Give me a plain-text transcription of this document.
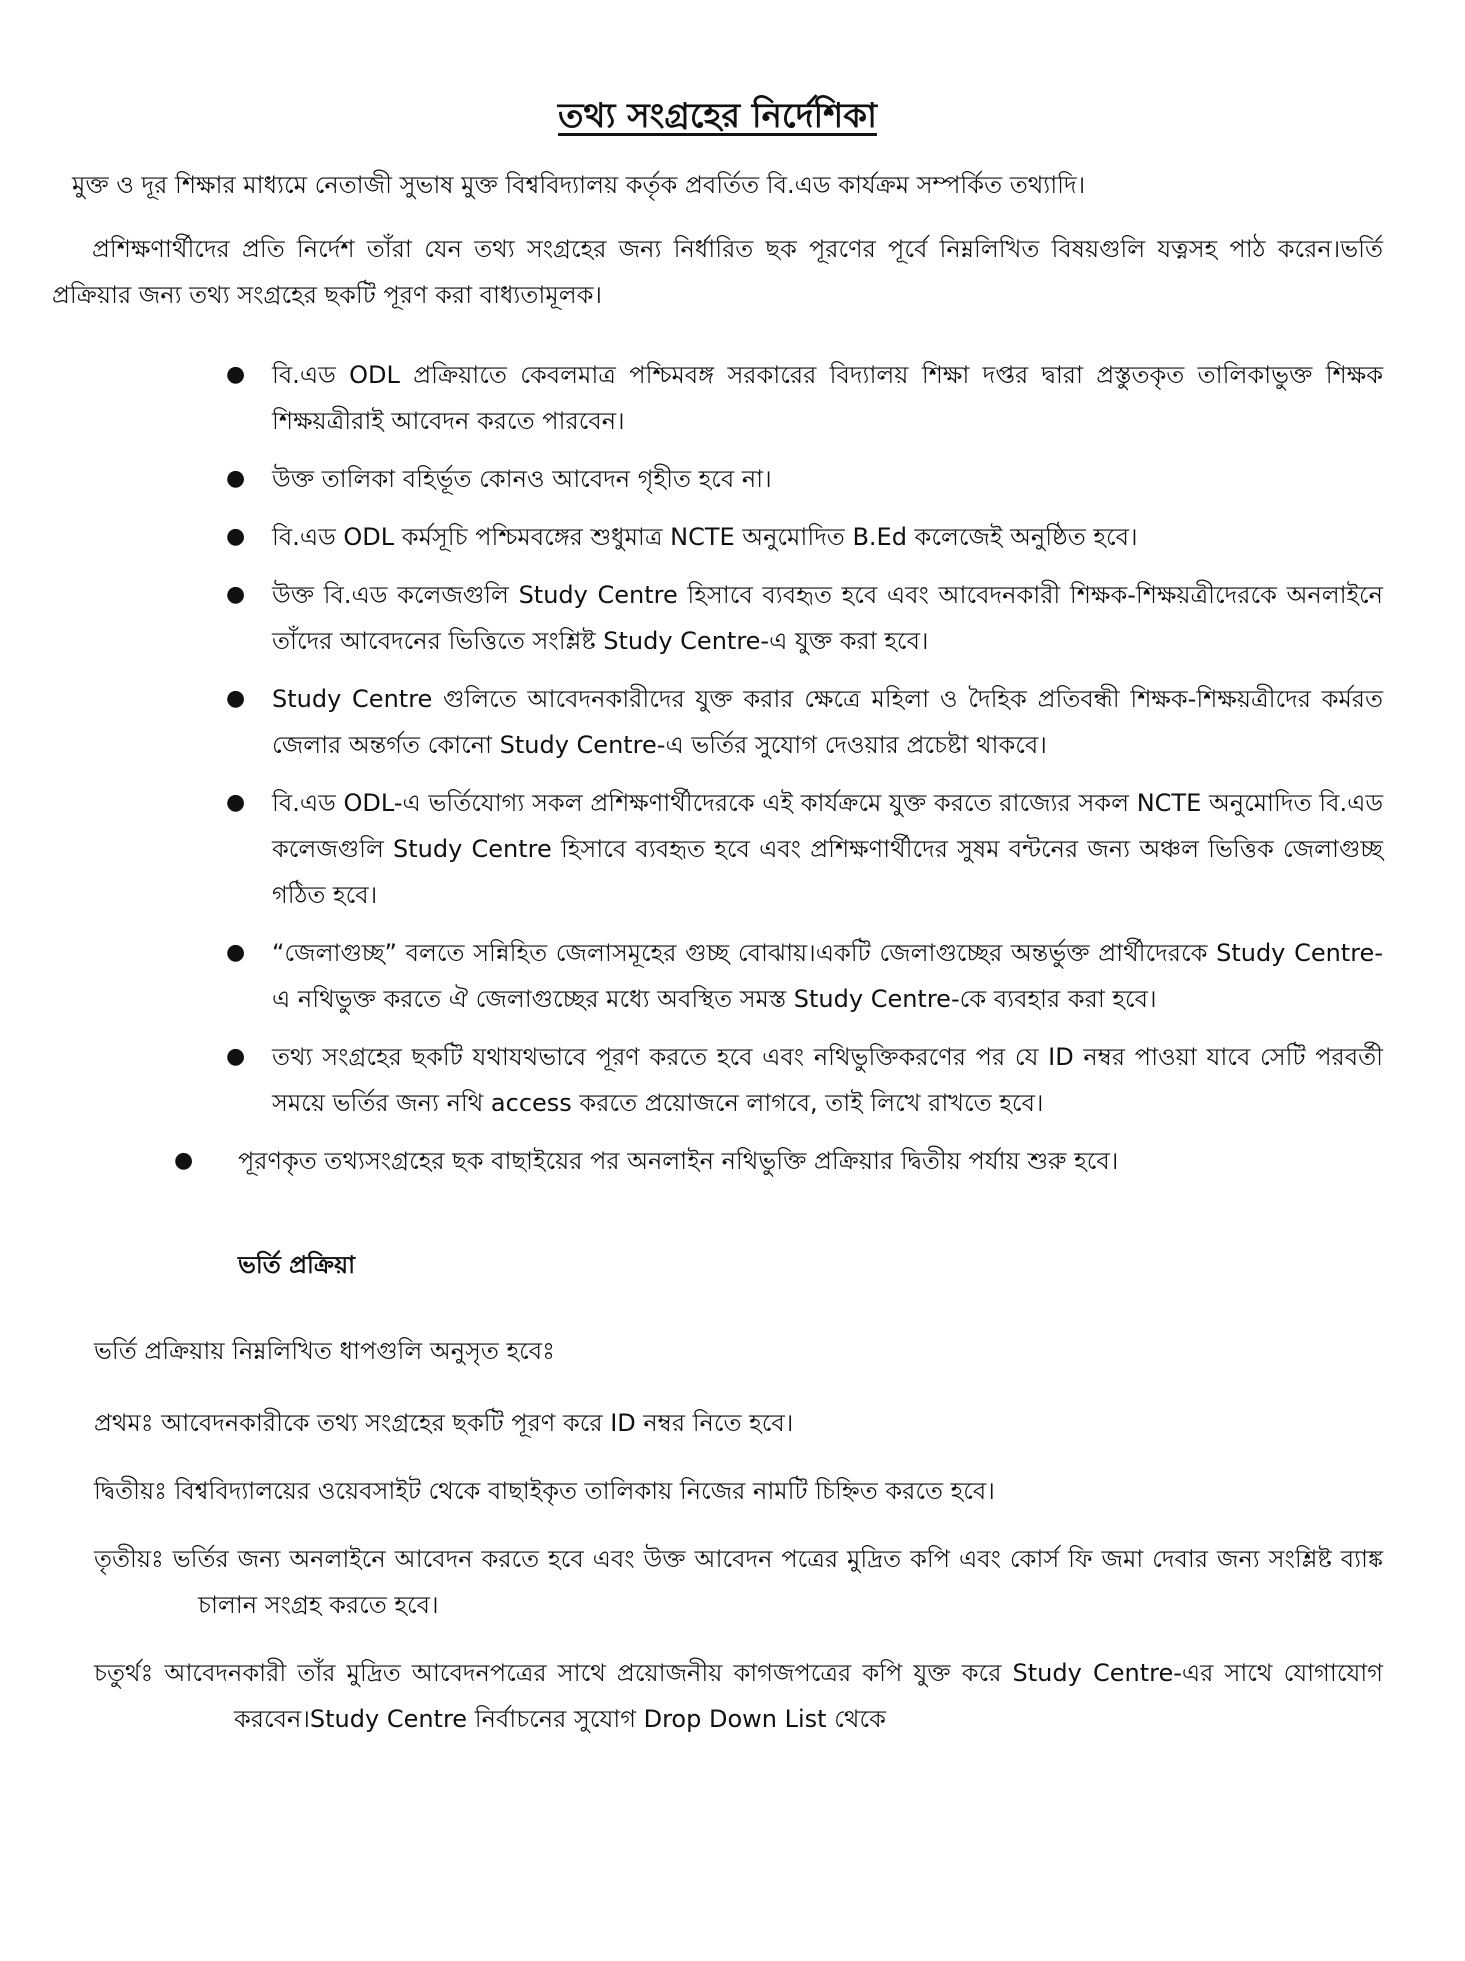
তথ্য সংগ্রহের নির্দেশিকা

মুক্ত ও দূর শিক্ষার মাধ্যমে নেতাজী সুভাষ মুক্ত বিশ্ববিদ্যালয় কর্তৃক প্রবর্তিত বি.এড কার্যক্রম সম্পর্কিত তথ্যাদি।

প্রশিক্ষণার্থীদের প্রতি নির্দেশ তাঁরা যেন তথ্য সংগ্রহের জন্য নির্ধারিত ছক পূরণের পূর্বে নিম্নলিখিত বিষয়গুলি যত্নসহ পাঠ করেন।ভর্তি প্রক্রিয়ার জন্য তথ্য সংগ্রহের ছকটি পূরণ করা বাধ্যতামূলক।

● বি.এড ODL প্রক্রিয়াতে কেবলমাত্র পশ্চিমবঙ্গ সরকারের বিদ্যালয় শিক্ষা দপ্তর দ্বারা প্রস্তুতকৃত তালিকাভুক্ত শিক্ষক শিক্ষয়ত্রীরাই আবেদন করতে পারবেন।
● উক্ত তালিকা বহির্ভূত কোনও আবেদন গৃহীত হবে না।
● বি.এড ODL কর্মসূচি পশ্চিমবঙ্গের শুধুমাত্র NCTE অনুমোদিত B.Ed কলেজেই অনুষ্ঠিত হবে।
● উক্ত বি.এড কলেজগুলি Study Centre হিসাবে ব্যবহৃত হবে এবং আবেদনকারী শিক্ষক-শিক্ষয়ত্রীদেরকে অনলাইনে তাঁদের আবেদনের ভিত্তিতে সংশ্লিষ্ট Study Centre-এ যুক্ত করা হবে।
● Study Centre গুলিতে আবেদনকারীদের যুক্ত করার ক্ষেত্রে মহিলা ও দৈহিক প্রতিবন্ধী শিক্ষক-শিক্ষয়ত্রীদের কর্মরত জেলার অন্তর্গত কোনো Study Centre-এ ভর্তির সুযোগ দেওয়ার প্রচেষ্টা থাকবে।
● বি.এড ODL-এ ভর্তিযোগ্য সকল প্রশিক্ষণার্থীদেরকে এই কার্যক্রমে যুক্ত করতে রাজ্যের সকল NCTE অনুমোদিত বি.এড কলেজগুলি Study Centre হিসাবে ব্যবহৃত হবে এবং প্রশিক্ষণার্থীদের সুষম বন্টনের জন্য অঞ্চল ভিত্তিক জেলাগুচ্ছ গঠিত হবে।
● “জেলাগুচ্ছ” বলতে সন্নিহিত জেলাসমূহের গুচ্ছ বোঝায়।একটি জেলাগুচ্ছের অন্তর্ভুক্ত প্রার্থীদেরকে Study Centre-এ নথিভুক্ত করতে ঐ জেলাগুচ্ছের মধ্যে অবস্থিত সমস্ত Study Centre-কে ব্যবহার করা হবে।
● তথ্য সংগ্রহের ছকটি যথাযথভাবে পূরণ করতে হবে এবং নথিভুক্তিকরণের পর যে ID নম্বর পাওয়া যাবে সেটি পরবর্তী সময়ে ভর্তির জন্য নথি access করতে প্রয়োজনে লাগবে, তাই লিখে রাখতে হবে।
● পূরণকৃত তথ্যসংগ্রহের ছক বাছাইয়ের পর অনলাইন নথিভুক্তি প্রক্রিয়ার দ্বিতীয় পর্যায় শুরু হবে।
ভর্তি প্রক্রিয়া

ভর্তি প্রক্রিয়ায় নিম্নলিখিত ধাপগুলি অনুসৃত হবেঃ

প্রথমঃ আবেদনকারীকে তথ্য সংগ্রহের ছকটি পূরণ করে ID নম্বর নিতে হবে।

দ্বিতীয়ঃ বিশ্ববিদ্যালয়ের ওয়েবসাইট থেকে বাছাইকৃত তালিকায় নিজের নামটি চিহ্নিত করতে হবে।

তৃতীয়ঃ ভর্তির জন্য অনলাইনে আবেদন করতে হবে এবং উক্ত আবেদন পত্রের মুদ্রিত কপি এবং কোর্স ফি জমা দেবার জন্য সংশ্লিষ্ট ব্যাঙ্ক চালান সংগ্রহ করতে হবে।

চতুর্থঃ আবেদনকারী তাঁর মুদ্রিত আবেদনপত্রের সাথে প্রয়োজনীয় কাগজপত্রের কপি যুক্ত করে Study Centre-এর সাথে যোগাযোগ করবেন।Study Centre নির্বাচনের সুযোগ Drop Down List থেকে
